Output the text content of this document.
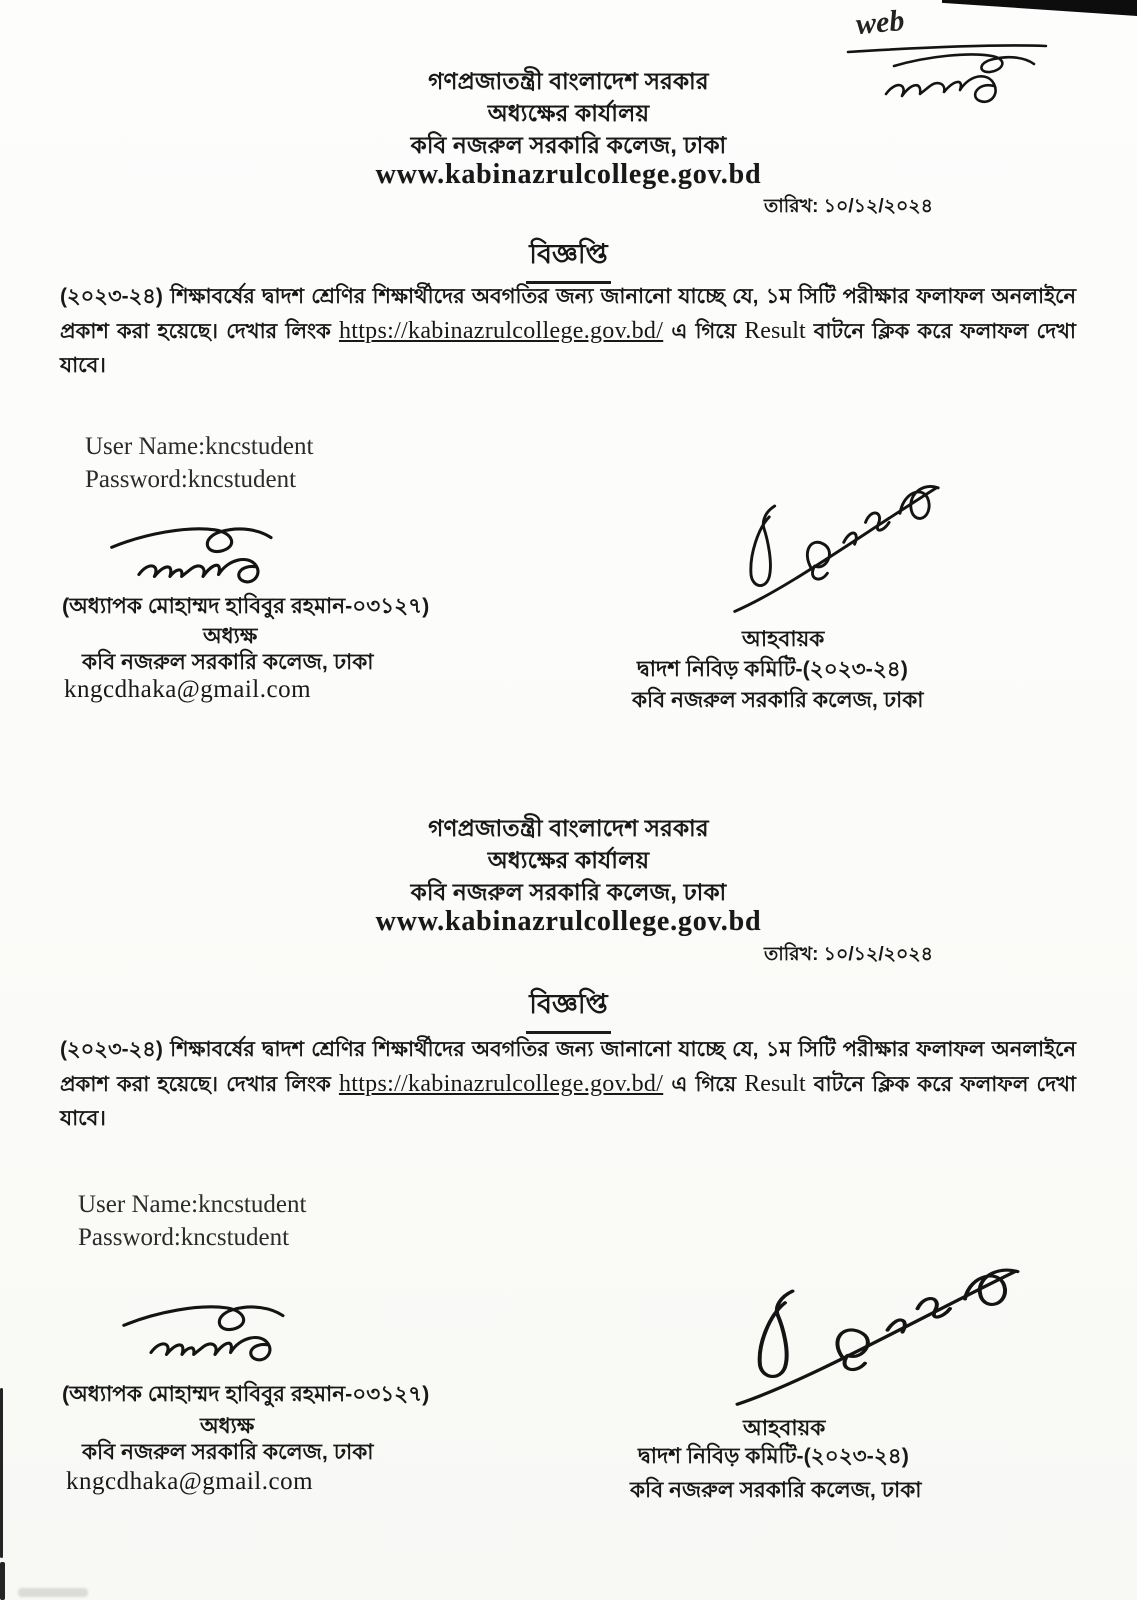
web
গণপ্রজাতন্ত্রী বাংলাদেশ সরকার
অধ্যক্ষের কার্যালয়
কবি নজরুল সরকারি কলেজ, ঢাকা
www.kabinazrulcollege.gov.bd
তারিখ: ১০/১২/২০২৪
বিজ্ঞপ্তি

(২০২৩-২৪) শিক্ষাবর্ষের দ্বাদশ শ্রেণির শিক্ষার্থীদের অবগতির জন্য জানানো যাচ্ছে যে, ১ম সিটি পরীক্ষার ফলাফল অনলাইনে প্রকাশ করা হয়েছে। দেখার লিংক https://kabinazrulcollege.gov.bd/ এ গিয়ে Result বাটনে ক্লিক করে ফলাফল দেখা যাবে।

User Name:kncstudent
Password:kncstudent
(অধ্যাপক মোহাম্মদ হাবিবুর রহমান-০৩১২৭)
অধ্যক্ষ
কবি নজরুল সরকারি কলেজ, ঢাকা
kngcdhaka@gmail.com
আহবায়ক
দ্বাদশ নিবিড় কমিটি-(২০২৩-২৪)
কবি নজরুল সরকারি কলেজ, ঢাকা
গণপ্রজাতন্ত্রী বাংলাদেশ সরকার
অধ্যক্ষের কার্যালয়
কবি নজরুল সরকারি কলেজ, ঢাকা
www.kabinazrulcollege.gov.bd
তারিখ: ১০/১২/২০২৪
বিজ্ঞপ্তি

(২০২৩-২৪) শিক্ষাবর্ষের দ্বাদশ শ্রেণির শিক্ষার্থীদের অবগতির জন্য জানানো যাচ্ছে যে, ১ম সিটি পরীক্ষার ফলাফল অনলাইনে প্রকাশ করা হয়েছে। দেখার লিংক https://kabinazrulcollege.gov.bd/ এ গিয়ে Result বাটনে ক্লিক করে ফলাফল দেখা যাবে।

User Name:kncstudent
Password:kncstudent
(অধ্যাপক মোহাম্মদ হাবিবুর রহমান-০৩১২৭)
অধ্যক্ষ
কবি নজরুল সরকারি কলেজ, ঢাকা
kngcdhaka@gmail.com
আহবায়ক
দ্বাদশ নিবিড় কমিটি-(২০২৩-২৪)
কবি নজরুল সরকারি কলেজ, ঢাকা
